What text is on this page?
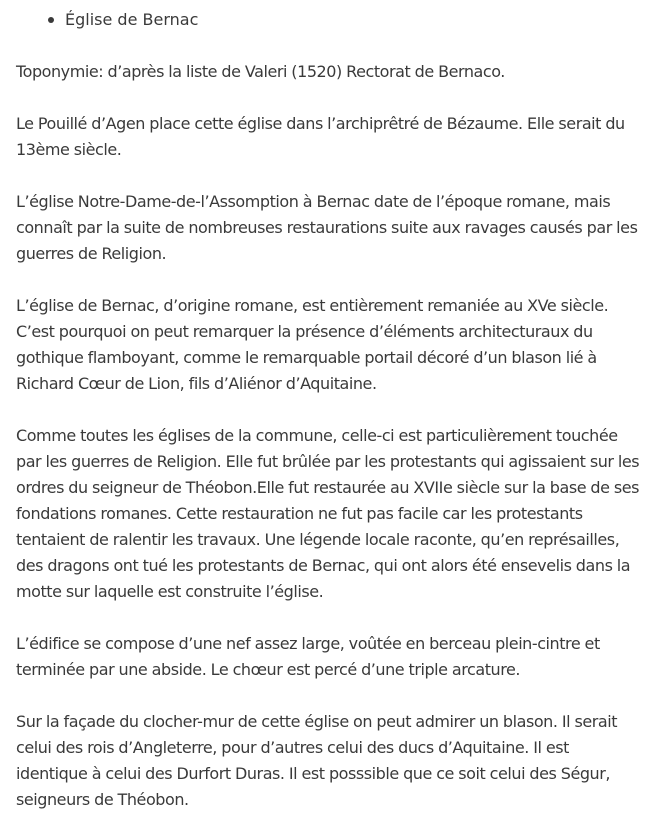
Église de Bernac

Toponymie: d’après la liste de Valeri (1520) Rectorat de Bernaco.

Le Pouillé d’Agen place cette église dans l’archiprêtré de Bézaume. Elle serait du 13ème siècle.

L’église Notre-Dame-de-l’Assomption à Bernac date de l’époque romane, mais connaît par la suite de nombreuses restaurations suite aux ravages causés par les guerres de Religion.

L’église de Bernac, d’origine romane, est entièrement remaniée au XVe siècle. C’est pourquoi on peut remarquer la présence d’éléments architecturaux du gothique flamboyant, comme le remarquable portail décoré d’un blason lié à Richard Cœur de Lion, fils d’Aliénor d’Aquitaine.

Comme toutes les églises de la commune, celle-ci est particulièrement touchée par les guerres de Religion. Elle fut brûlée par les protestants qui agissaient sur les ordres du seigneur de Théobon.Elle fut restaurée au XVIIe siècle sur la base de ses fondations romanes. Cette restauration ne fut pas facile car les protestants tentaient de ralentir les travaux. Une légende locale raconte, qu’en représailles, des dragons ont tué les protestants de Bernac, qui ont alors été ensevelis dans la motte sur laquelle est construite l’église.

L’édifice se compose d’une nef assez large, voûtée en berceau plein-cintre et terminée par une abside. Le chœur est percé d’une triple arcature.

Sur la façade du clocher-mur de cette église on peut admirer un blason. Il serait celui des rois d’Angleterre, pour d’autres celui des ducs d’Aquitaine. Il est identique à celui des Durfort Duras. Il est posssible que ce soit celui des Ségur, seigneurs de Théobon.
